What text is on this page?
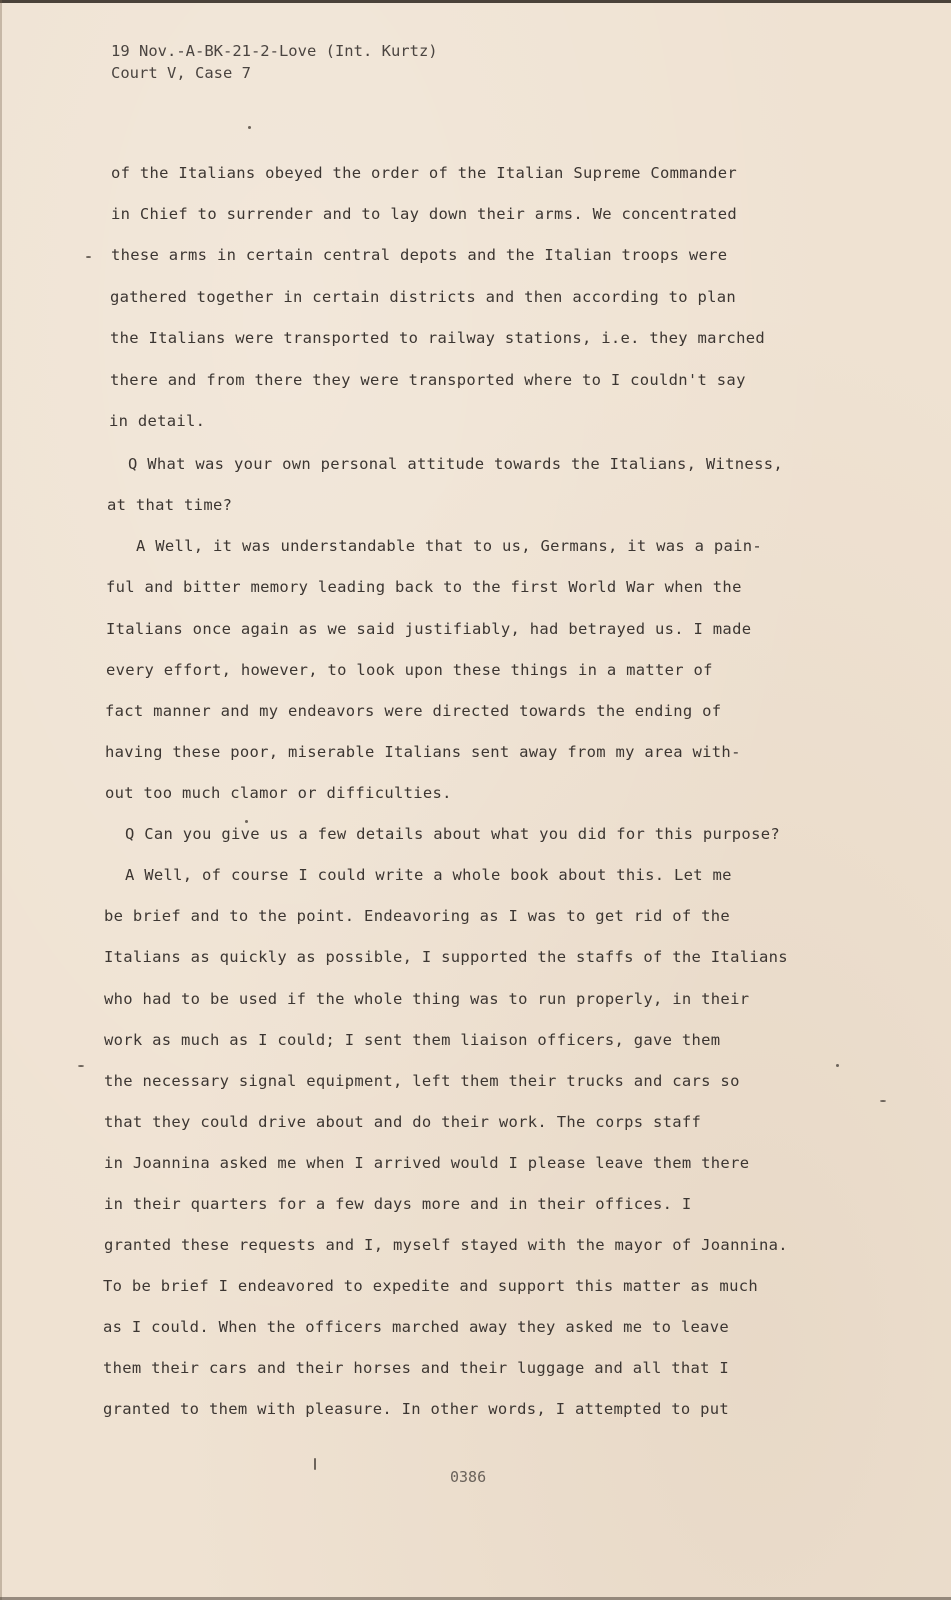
19 Nov.-A-BK-21-2-Love (Int. Kurtz)
Court V, Case 7
of the Italians obeyed the order of the Italian Supreme Commander
in Chief to surrender and to lay down their arms. We concentrated
these arms in certain central depots and the Italian troops were
gathered together in certain districts and then according to plan
the Italians were transported to railway stations, i.e. they marched
there and from there they were transported where to I couldn't say
in detail.
Q What was your own personal attitude towards the Italians, Witness,
at that time?
A Well, it was understandable that to us, Germans, it was a pain-
ful and bitter memory leading back to the first World War when the
Italians once again as we said justifiably, had betrayed us. I made
every effort, however, to look upon these things in a matter of
fact manner and my endeavors were directed towards the ending of
having these poor, miserable Italians sent away from my area with-
out too much clamor or difficulties.
Q Can you give us a few details about what you did for this purpose?
A Well, of course I could write a whole book about this. Let me
be brief and to the point. Endeavoring as I was to get rid of the
Italians as quickly as possible, I supported the staffs of the Italians
who had to be used if the whole thing was to run properly, in their
work as much as I could; I sent them liaison officers, gave them
the necessary signal equipment, left them their trucks and cars so
that they could drive about and do their work. The corps staff
in Joannina asked me when I arrived would I please leave them there
in their quarters for a few days more and in their offices. I
granted these requests and I, myself stayed with the mayor of Joannina.
To be brief I endeavored to expedite and support this matter as much
as I could. When the officers marched away they asked me to leave
them their cars and their horses and their luggage and all that I
granted to them with pleasure. In other words, I attempted to put
0386
